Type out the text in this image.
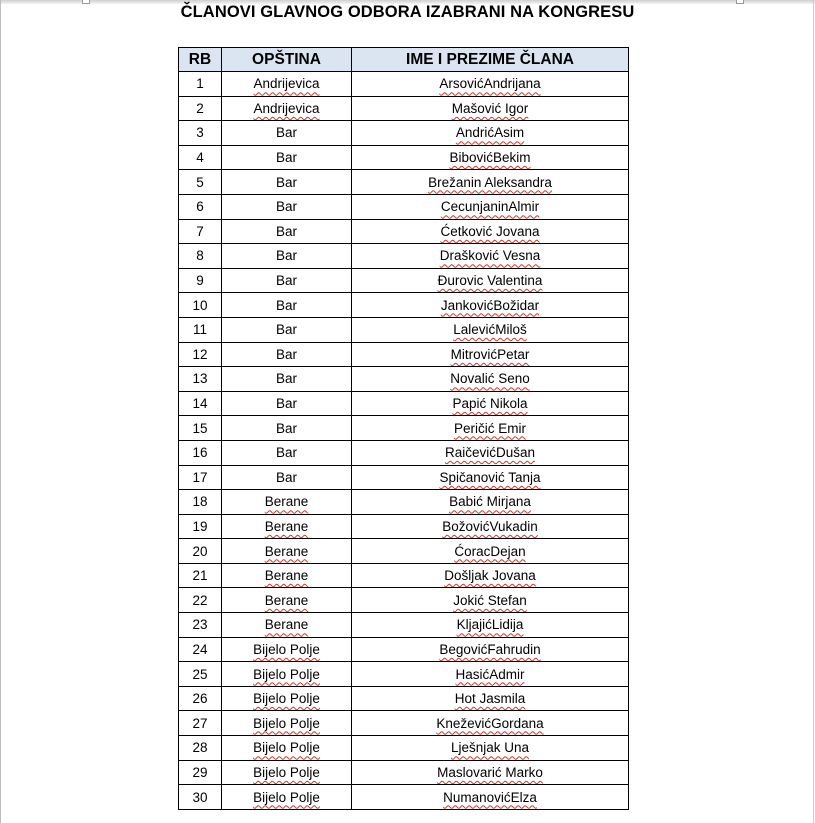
ČLANOVI GLAVNOG ODBORA IZABRANI NA KONGRESU
RB	OPŠTINA	IME I PREZIME ČLANA
1	Andrijevica	ArsovićAndrijana
2	Andrijevica	Mašović Igor
3	Bar	AndrićAsim
4	Bar	BibovićBekim
5	Bar	Brežanin Aleksandra
6	Bar	CecunjaninAlmir
7	Bar	Ćetković Jovana
8	Bar	Drašković Vesna
9	Bar	Đurovic Valentina
10	Bar	JankovićBožidar
11	Bar	LalevićMiloš
12	Bar	MitrovićPetar
13	Bar	Novalić Seno
14	Bar	Papić Nikola
15	Bar	Peričić Emir
16	Bar	RaičevićDušan
17	Bar	Spičanović Tanja
18	Berane	Babić Mirjana
19	Berane	BožovićVukadin
20	Berane	ĆoracDejan
21	Berane	Došljak Jovana
22	Berane	Jokić Stefan
23	Berane	KljajićLidija
24	Bijelo Polje	BegovićFahrudin
25	Bijelo Polje	HasićAdmir
26	Bijelo Polje	Hot Jasmila
27	Bijelo Polje	KneževićGordana
28	Bijelo Polje	Lješnjak Una
29	Bijelo Polje	Maslovarić Marko
30	Bijelo Polje	NumanovićElza
